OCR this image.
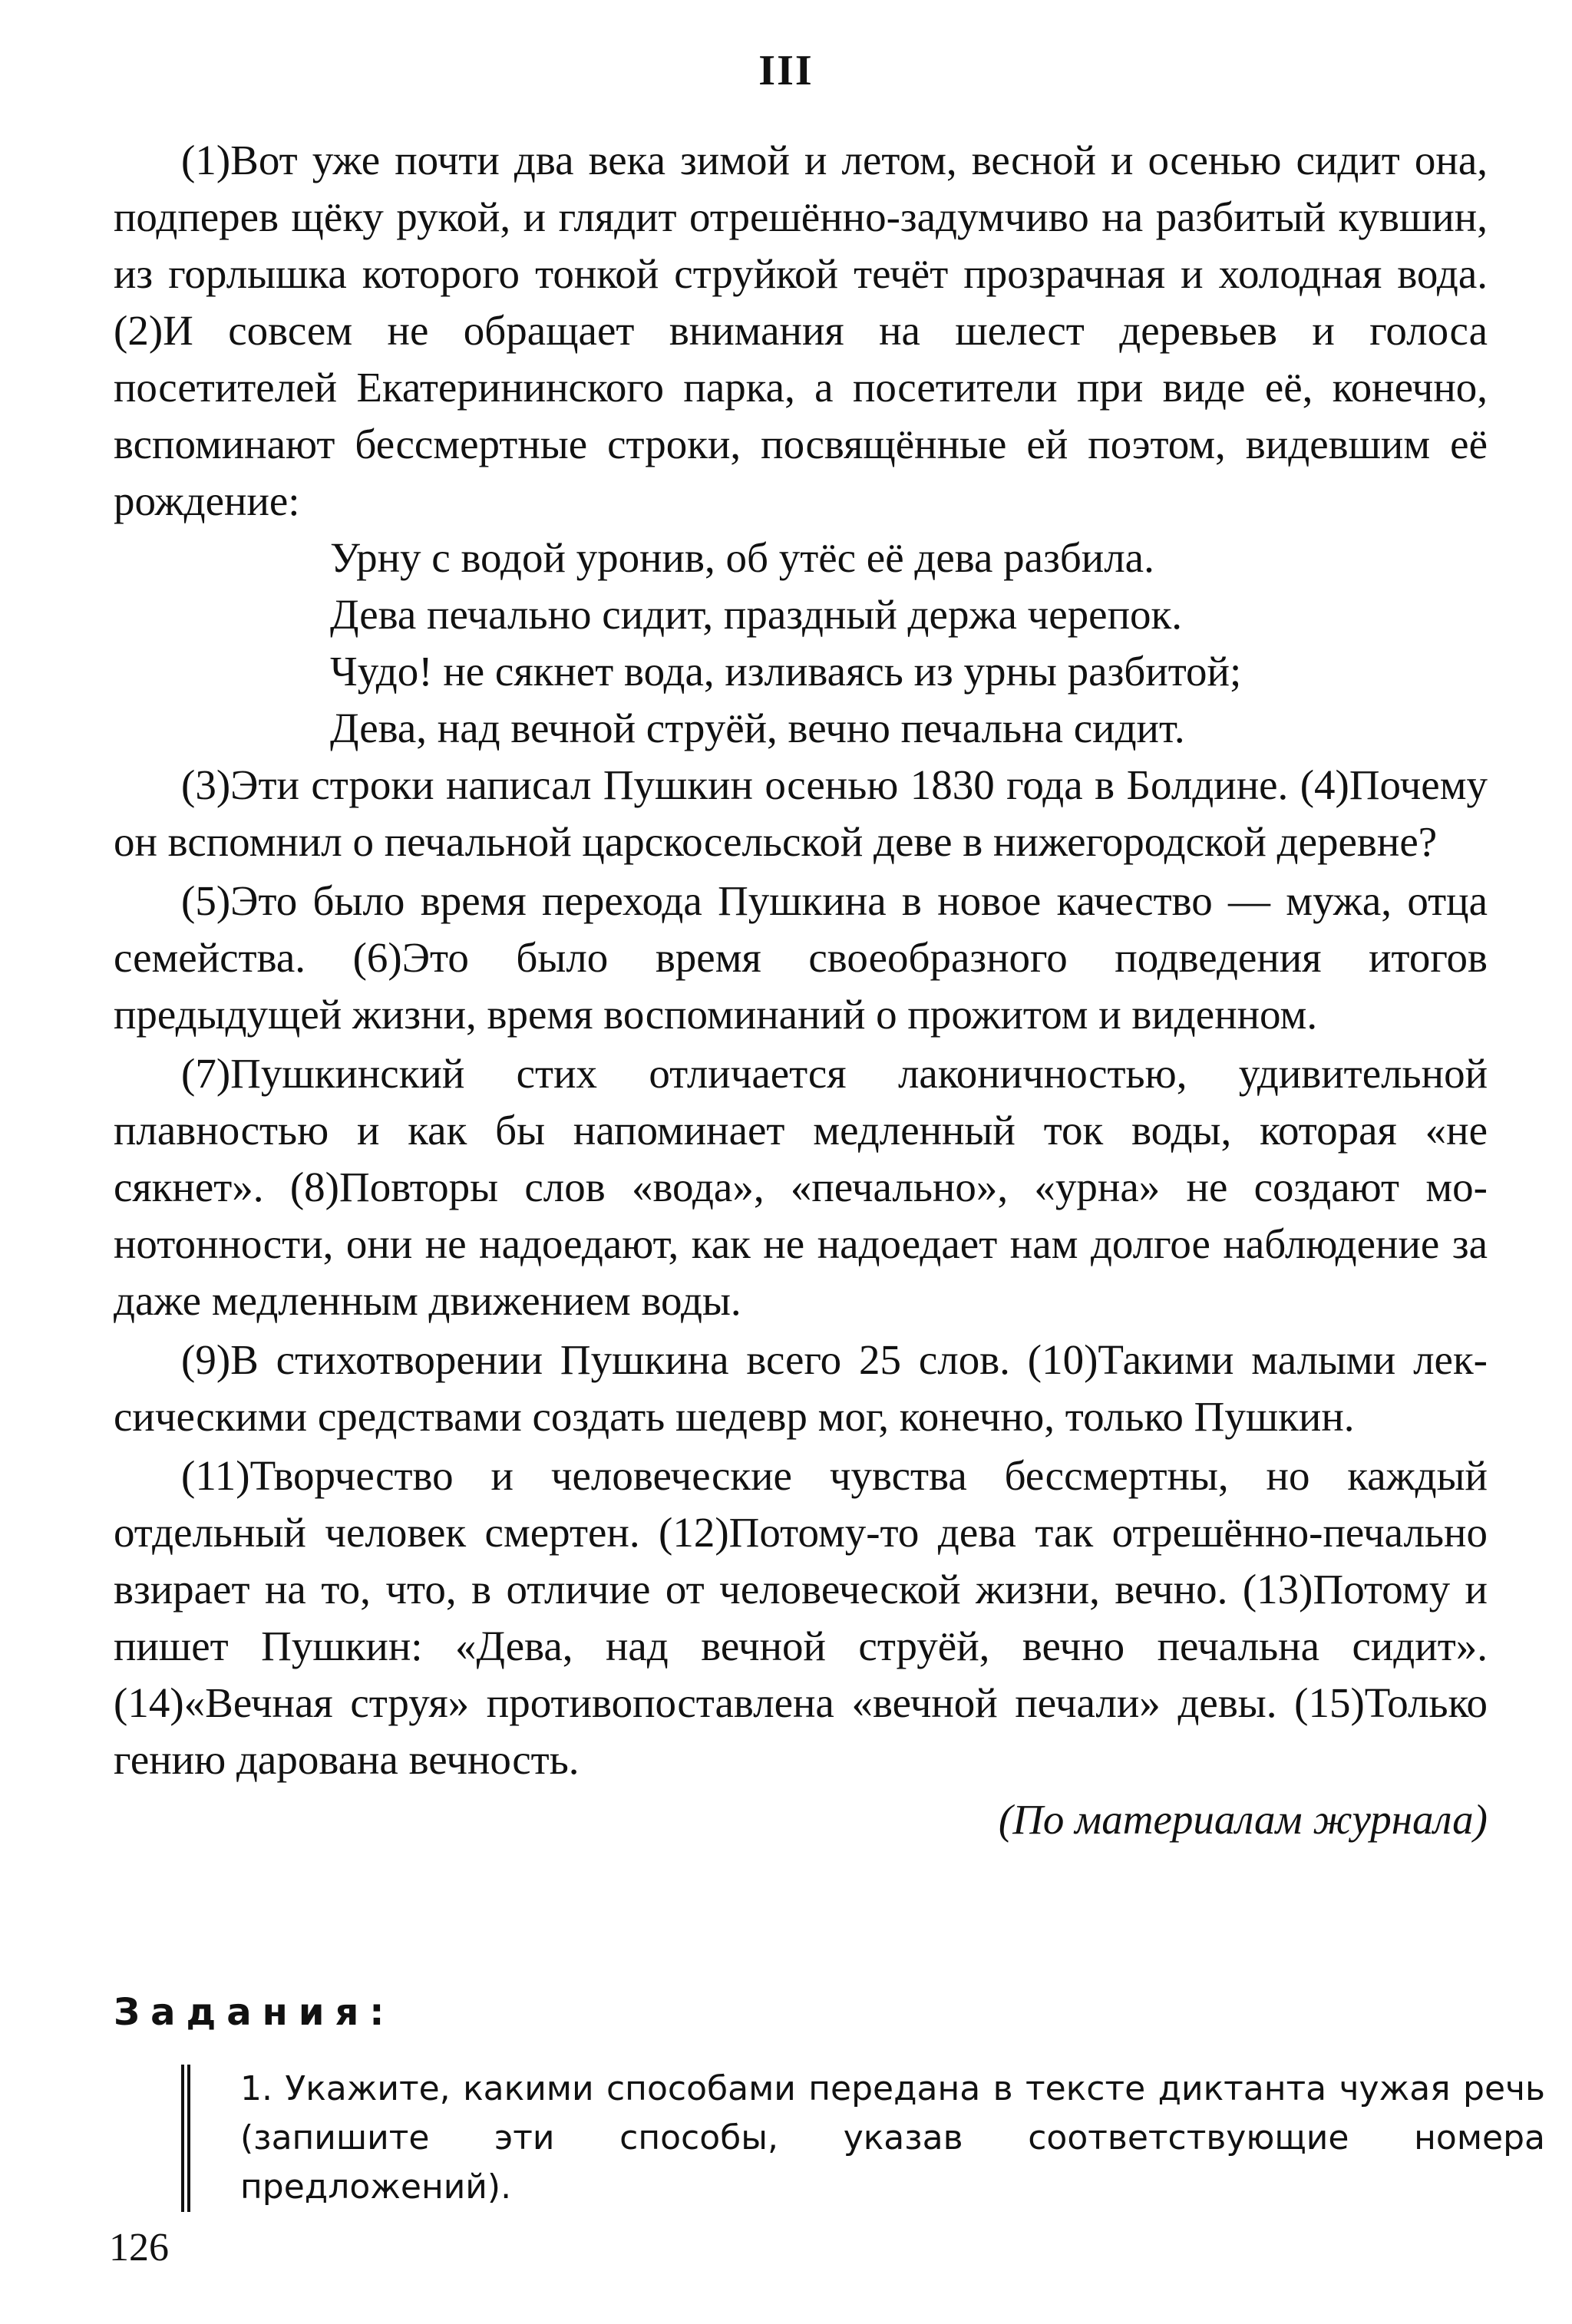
III

(1)Вот уже почти два века зимой и летом, весной и осенью сидит она, подперев щёку рукой, и глядит отрешённо-задумчиво на разбитый кувшин, из горлышка которого тонкой струйкой течёт прозрачная и холодная вода. (2)И совсем не обращает внимания на шелест деревьев и голоса посетителей Екатерининского парка, а посетители при виде её, конечно, вспоминают бессмертные строки, посвящённые ей поэтом, видевшим её рождение:

Урну с водой уронив, об утёс её дева разбила.
Дева печально сидит, праздный держа черепок.
Чудо! не сякнет вода, изливаясь из урны разбитой;
Дева, над вечной струёй, вечно печальна сидит.

(3)Эти строки написал Пушкин осенью 1830 года в Болдине. (4)Почему он вспомнил о печальной царскосельской деве в нижегородской деревне?

(5)Это было время перехода Пушкина в новое качество — мужа, отца семейства. (6)Это было время своеобразного подведения итогов предыдущей жизни, время воспоминаний о прожитом и виденном.

(7)Пушкинский стих отличается лаконичностью, удивительной плавностью и как бы напоминает медленный ток воды, которая «не сякнет». (8)Повторы слов «вода», «печально», «урна» не создают монотонности, они не надоедают, как не надоедает нам долгое наблюдение за даже медленным движением воды.

(9)В стихотворении Пушкина всего 25 слов. (10)Такими малыми лексическими средствами создать шедевр мог, конечно, только Пушкин.

(11)Творчество и человеческие чувства бессмертны, но каждый отдельный человек смертен. (12)Потому-то дева так отрешённо-печально взирает на то, что, в отличие от человеческой жизни, вечно. (13)Потому и пишет Пушкин: «Дева, над вечной струёй, вечно печальна сидит». (14)«Вечная струя» противопоставлена «вечной печали» девы. (15)Только гению дарована вечность.

(По материалам журнала)

Задания:
1. Укажите, какими способами передана в тексте диктанта чужая речь (запишите эти способы, указав соответствующие номера предложений).
126
